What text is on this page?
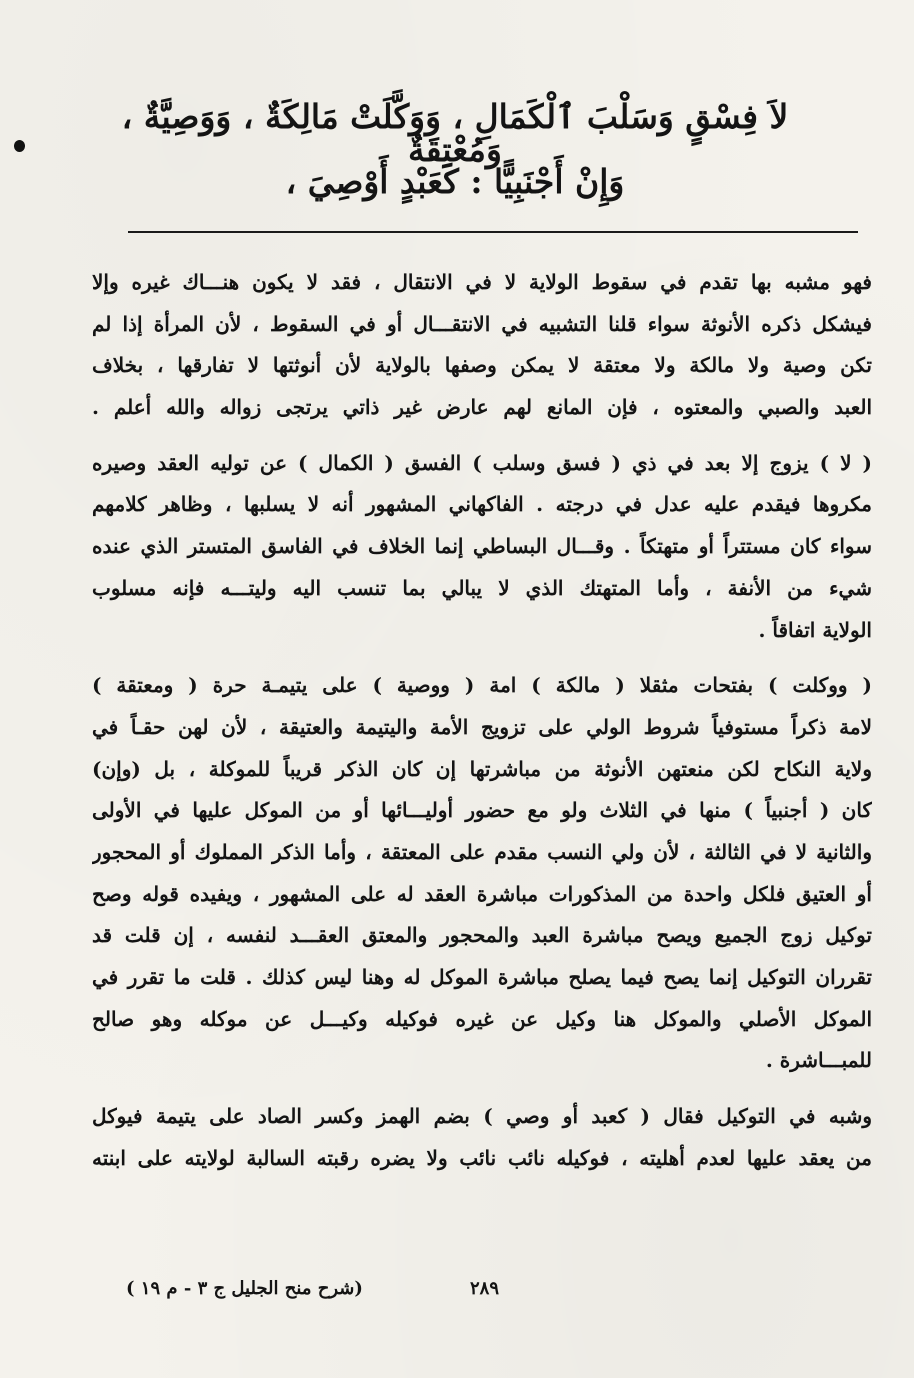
لاَ فِسْقٍ وَسَلْبَ ٱلْكَمَالِ ، وَوَكَّلَتْ مَالِكَةٌ ، وَوَصِيَّةٌ ، وَمُعْتِقَةٌ
وَإِنْ أَجْنَبِيًّا : كَعَبْدٍ أَوْصِيَ ،
فهو مشبه بها تقدم في سقوط الولاية لا في الانتقال ، فقد لا يكون هنـــاك غيره وإلا
فيشكل ذكره الأنوثة سواء قلنا التشبيه في الانتقـــال أو في السقوط ، لأن المرأة إذا لم
تكن وصية ولا مالكة ولا معتقة لا يمكن وصفها بالولاية لأن أنوثتها لا تفارقها ، بخلاف
العبد والصبي والمعتوه ، فإن المانع لهم عارض غير ذاتي يرتجى زواله والله أعلم .
( لا ) يزوج إلا بعد في ذي ( فسق وسلب ) الفسق ( الكمال ) عن توليه العقد وصيره
مكروها فيقدم عليه عدل في درجته . الفاكهاني المشهور أنه لا يسلبها ، وظاهر كلامهم
سواء كان مستتراً أو متهتكاً . وقـــال البساطي إنما الخلاف في الفاسق المتستر الذي عنده
شيء من الأنفة ، وأما المتهتك الذي لا يبالي بما تنسب اليه وليتـــه فإنه مسلوب
الولاية اتفاقاً .
( ووكلت ) بفتحات مثقلا ( مالكة ) امة ( ووصية ) على يتيمـة حرة ( ومعتقة )
لامة ذكراً مستوفياً شروط الولي على تزويج الأمة واليتيمة والعتيقة ، لأن لهن حقـاً في
ولاية النكاح لكن منعتهن الأنوثة من مباشرتها إن كان الذكر قريباً للموكلة ، بل (وإن)
كان ( أجنبياً ) منها في الثلاث ولو مع حضور أوليـــائها أو من الموكل عليها في الأولى
والثانية لا في الثالثة ، لأن ولي النسب مقدم على المعتقة ، وأما الذكر المملوك أو المحجور
أو العتيق فلكل واحدة من المذكورات مباشرة العقد له على المشهور ، ويفيده قوله وصح
توكيل زوج الجميع ويصح مباشرة العبد والمحجور والمعتق العقـــد لنفسه ، إن قلت قد
تقرران التوكيل إنما يصح فيما يصلح مباشرة الموكل له وهنا ليس كذلك . قلت ما تقرر في
الموكل الأصلي والموكل هنا وكيل عن غيره فوكيله وكيـــل عن موكله وهو صالح
للمبـــاشرة .
وشبه في التوكيل فقال ( كعبد أو وصي ) بضم الهمز وكسر الصاد على يتيمة فيوكل
من يعقد عليها لعدم أهليته ، فوكيله نائب نائب ولا يضره رقبته السالبة لولايته على ابنته
٢٨٩
(شرح منح الجليل ج ٣ - م ١٩ )
